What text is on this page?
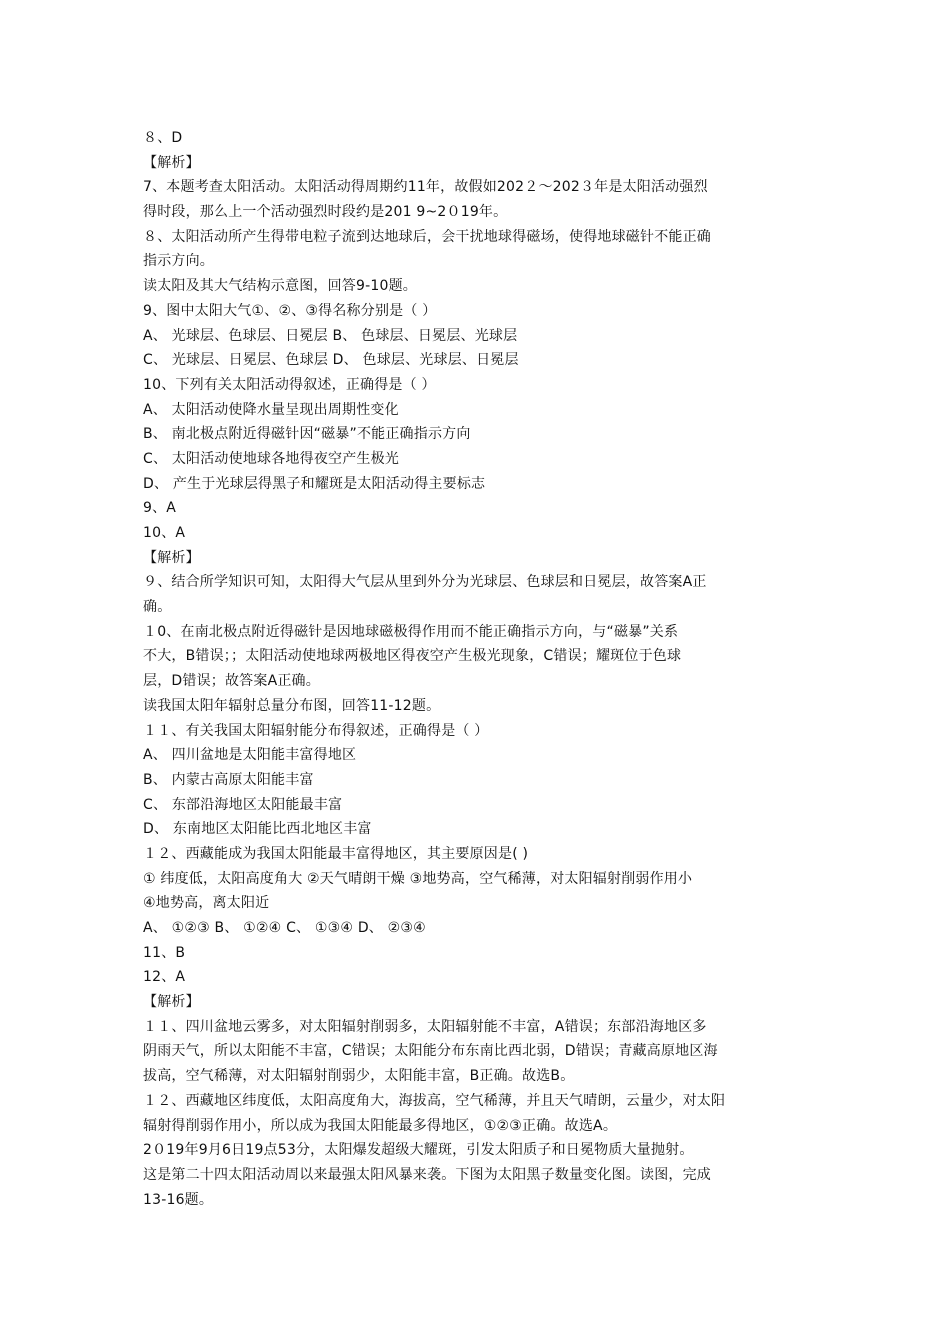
８、D
【解析】
7、本题考查太阳活动。太阳活动得周期约11年，故假如202２～202３年是太阳活动强烈
得时段，那么上一个活动强烈时段约是201 9~2０19年。
８、太阳活动所产生得带电粒子流到达地球后，会干扰地球得磁场，使得地球磁针不能正确
指示方向。
读太阳及其大气结构示意图，回答9-10题。
9、图中太阳大气①、②、③得名称分别是（ ）
A、 光球层、色球层、日冕层 B、 色球层、日冕层、光球层
C、 光球层、日冕层、色球层 D、 色球层、光球层、日冕层
10、下列有关太阳活动得叙述，正确得是（ ）
A、 太阳活动使降水量呈现出周期性变化
B、 南北极点附近得磁针因“磁暴”不能正确指示方向
C、 太阳活动使地球各地得夜空产生极光
D、 产生于光球层得黑子和耀斑是太阳活动得主要标志
9、A
10、A
【解析】
９、结合所学知识可知，太阳得大气层从里到外分为光球层、色球层和日冕层，故答案A正
确。
１0、在南北极点附近得磁针是因地球磁极得作用而不能正确指示方向，与“磁暴”关系
不大，B错误；；太阳活动使地球两极地区得夜空产生极光现象，C错误；耀斑位于色球
层，D错误；故答案A正确。
读我国太阳年辐射总量分布图，回答11-12题。
１１、有关我国太阳辐射能分布得叙述，正确得是（ ）
A、 四川盆地是太阳能丰富得地区
B、 内蒙古高原太阳能丰富
C、 东部沿海地区太阳能最丰富
D、 东南地区太阳能比西北地区丰富
１２、西藏能成为我国太阳能最丰富得地区，其主要原因是( )
① 纬度低，太阳高度角大 ②天气晴朗干燥 ③地势高，空气稀薄，对太阳辐射削弱作用小
④地势高，离太阳近
A、 ①②③ B、 ①②④ C、 ①③④ D、 ②③④
11、B
12、A
【解析】
１１、四川盆地云雾多，对太阳辐射削弱多，太阳辐射能不丰富，A错误；东部沿海地区多
阴雨天气，所以太阳能不丰富，C错误；太阳能分布东南比西北弱，D错误；青藏高原地区海
拔高，空气稀薄，对太阳辐射削弱少，太阳能丰富，B正确。故选B。
１２、西藏地区纬度低，太阳高度角大，海拔高，空气稀薄，并且天气晴朗，云量少，对太阳
辐射得削弱作用小，所以成为我国太阳能最多得地区，①②③正确。故选A。
2０19年9月6日19点53分，太阳爆发超级大耀斑，引发太阳质子和日冕物质大量抛射。
这是第二十四太阳活动周以来最强太阳风暴来袭。下图为太阳黑子数量变化图。读图，完成
13-16题。
